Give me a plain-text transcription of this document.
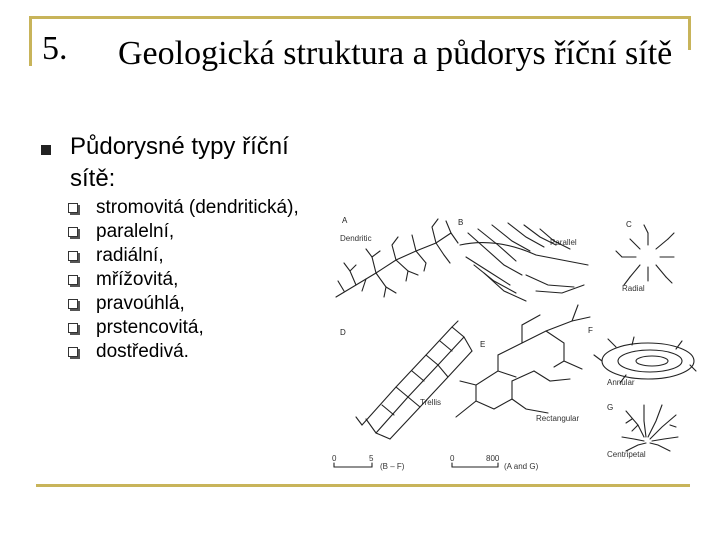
5. Geologická struktura a půdorys říční sítě
Půdorysné typy říční sítě:
stromovitá (dendritická),
paralelní,
radiální,
mřížovitá,
pravoúhlá,
prstencovitá,
dostředivá.
A	B	C
D
E
F
G
Dendritic	Parallel
Radial
Trellis
Rectangular
Annular
Centripetal
0	5
(B – F)
0	800
(A and G)
